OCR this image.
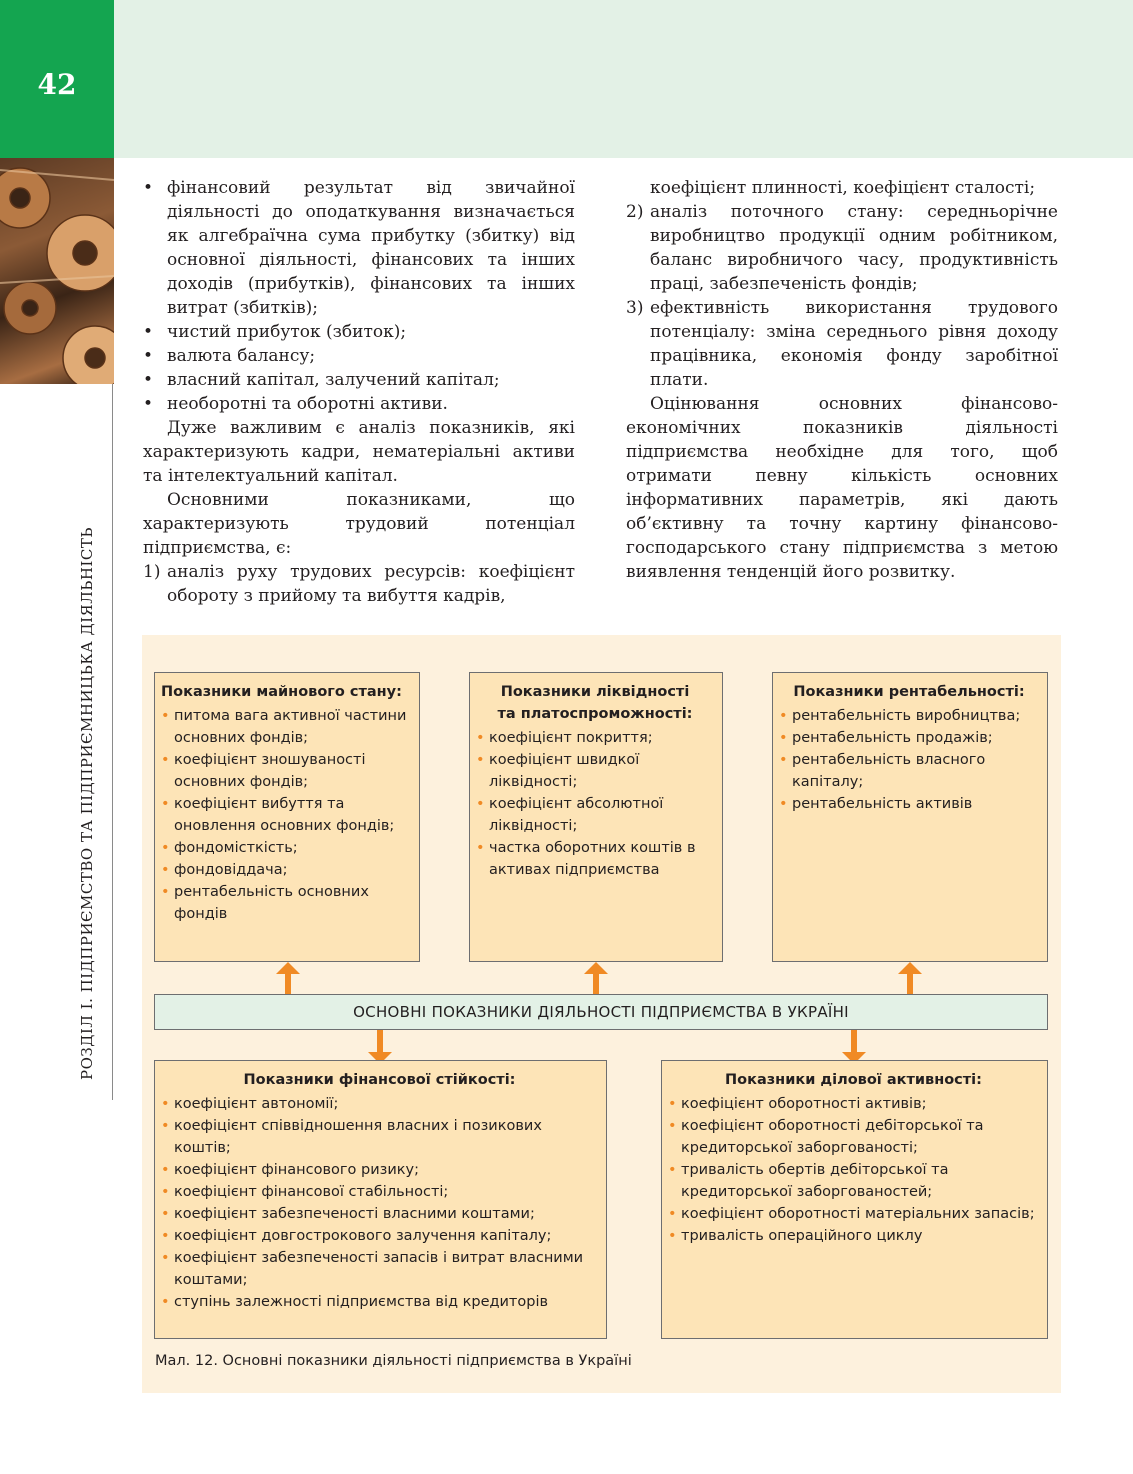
42
РОЗДІЛ І. ПІДПРИЄМСТВО ТА ПІДПРИЄМНИЦЬКА ДІЯЛЬНІСТЬ
• фінансовий результат від звичайної діяльності до оподаткування визначається як алгебраїчна сума прибутку (збитку) від основної діяльності, фінансових та інших доходів (прибутків), фінансових та інших витрат (збитків);
• чистий прибуток (збиток);
• валюта балансу;
• власний капітал, залучений капітал;
• необоротні та оборотні активи.
Дуже важливим є аналіз показників, які характеризують кадри, нематеріальні активи та інтелектуальний капітал.
Основними показниками, що характеризують трудовий потенціал підприємства, є:
1) аналіз руху трудових ресурсів: коефіцієнт обороту з прийому та вибуття кадрів,
коефіцієнт плинності, коефіцієнт сталості;
2) аналіз поточного стану: середньорічне виробництво продукції одним робітником, баланс виробничого часу, продуктивність праці, забезпеченість фондів;
3) ефективність використання трудового потенціалу: зміна середнього рівня доходу працівника, економія фонду заробітної плати.
Оцінювання основних фінансово-економічних показників діяльності підприємства необхідне для того, щоб отримати певну кількість основних інформативних параметрів, які дають об’єктивну та точну картину фінансово-господарського стану підприємства з метою виявлення тенденцій його розвитку.
Показники майнового стану:
• питома вага активної частини основних фондів;
• коефіцієнт зношуваності основних фондів;
• коефіцієнт вибуття та оновлення основних фондів;
• фондомісткість;
• фондовіддача;
• рентабельність основних фондів
Показники ліквідності
та платоспроможності:
• коефіцієнт покриття;
• коефіцієнт швидкої ліквідності;
• коефіцієнт абсолютної ліквідності;
• частка оборотних коштів в активах підприємства
Показники рентабельності:
• рентабельність виробництва;
• рентабельність продажів;
• рентабельність власного капіталу;
• рентабельність активів
ОСНОВНІ ПОКАЗНИКИ ДІЯЛЬНОСТІ ПІДПРИЄМСТВА В УКРАЇНІ
Показники фінансової стійкості:
• коефіцієнт автономії;
• коефіцієнт співвідношення власних і позикових коштів;
• коефіцієнт фінансового ризику;
• коефіцієнт фінансової стабільності;
• коефіцієнт забезпеченості власними коштами;
• коефіцієнт довгострокового залучення капіталу;
• коефіцієнт забезпеченості запасів і витрат власними коштами;
• ступінь залежності підприємства від кредиторів
Показники ділової активності:
• коефіцієнт оборотності активів;
• коефіцієнт оборотності дебіторської та кредиторської заборгованості;
• тривалість обертів дебіторської та кредиторської заборгованостей;
• коефіцієнт оборотності матеріальних запасів;
• тривалість операційного циклу
Мал. 12. Основні показники діяльності підприємства в Україні
